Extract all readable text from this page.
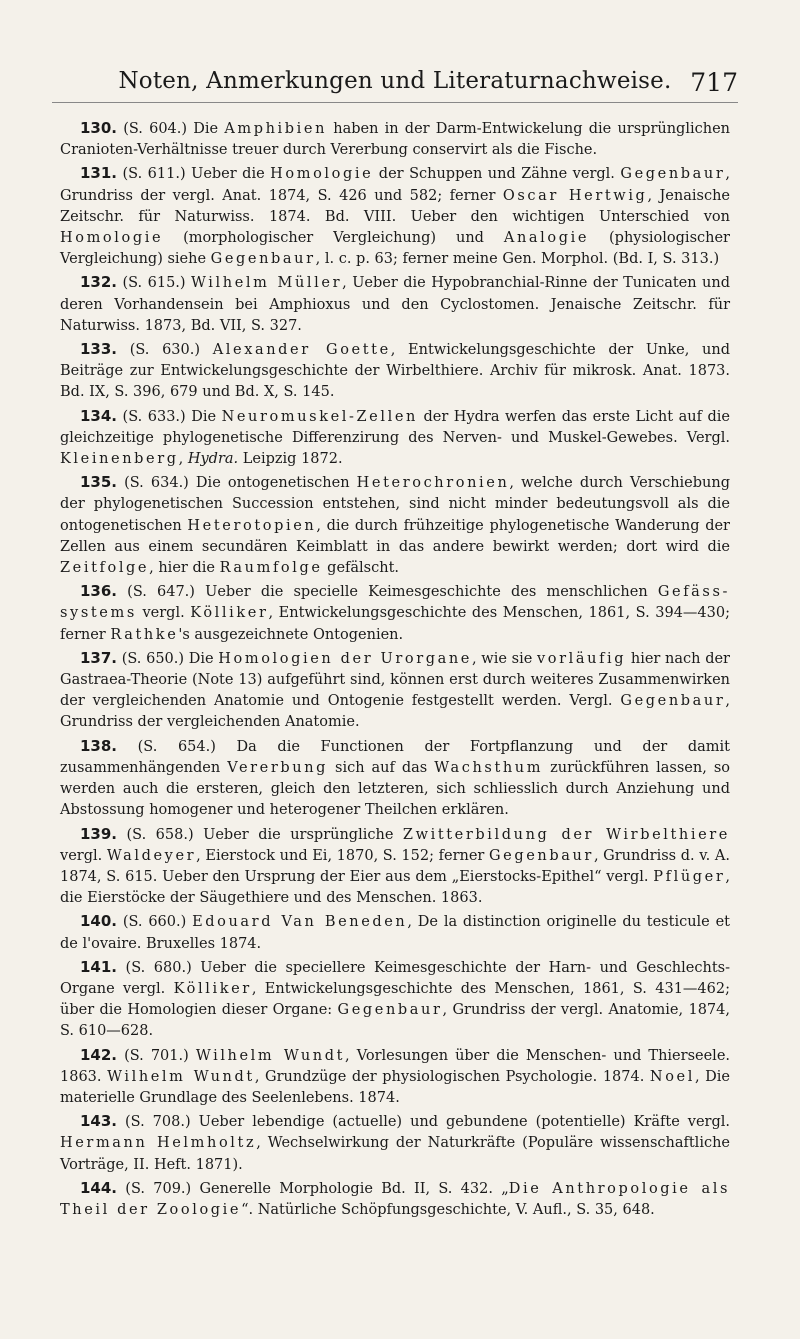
Noten, Anmerkungen und Literaturnachweise. 717

130. (S. 604.) Die Amphibien haben in der Darm-Entwickelung die ursprünglichen Cranioten-Verhältnisse treuer durch Vererbung conservirt als die Fische.

131. (S. 611.) Ueber die Homologie der Schuppen und Zähne vergl. Gegenbaur, Grundriss der vergl. Anat. 1874, S. 426 und 582; ferner Oscar Hertwig, Jenaische Zeitschr. für Naturwiss. 1874. Bd. VIII. Ueber den wichtigen Unterschied von Homologie (morphologischer Vergleichung) und Analogie (physiologischer Vergleichung) siehe Gegenbaur, l. c. p. 63; ferner meine Gen. Morphol. (Bd. I, S. 313.)

132. (S. 615.) Wilhelm Müller, Ueber die Hypobranchial-Rinne der Tunicaten und deren Vorhandensein bei Amphioxus und den Cyclostomen. Jenaische Zeitschr. für Naturwiss. 1873, Bd. VII, S. 327.

133. (S. 630.) Alexander Goette, Entwickelungsgeschichte der Unke, und Beiträge zur Entwickelungsgeschichte der Wirbelthiere. Archiv für mikrosk. Anat. 1873. Bd. IX, S. 396, 679 und Bd. X, S. 145.

134. (S. 633.) Die Neuromuskel-Zellen der Hydra werfen das erste Licht auf die gleichzeitige phylogenetische Differenzirung des Nerven- und Muskel-Gewebes. Vergl. Kleinenberg, Hydra. Leipzig 1872.

135. (S. 634.) Die ontogenetischen Heterochronien, welche durch Verschiebung der phylogenetischen Succession entstehen, sind nicht minder bedeutungsvoll als die ontogenetischen Heterotopien, die durch frühzeitige phylogenetische Wanderung der Zellen aus einem secundären Keimblatt in das andere bewirkt werden; dort wird die Zeitfolge, hier die Raumfolge gefälscht.

136. (S. 647.) Ueber die specielle Keimesgeschichte des menschlichen Gefäss-systems vergl. Kölliker, Entwickelungsgeschichte des Menschen, 1861, S. 394—430; ferner Rathke's ausgezeichnete Ontogenien.

137. (S. 650.) Die Homologien der Urorgane, wie sie vorläufig hier nach der Gastraea-Theorie (Note 13) aufgeführt sind, können erst durch weiteres Zusammenwirken der vergleichenden Anatomie und Ontogenie festgestellt werden. Vergl. Gegenbaur, Grundriss der vergleichenden Anatomie.

138. (S. 654.) Da die Functionen der Fortpflanzung und der damit zusammenhängenden Vererbung sich auf das Wachsthum zurückführen lassen, so werden auch die ersteren, gleich den letzteren, sich schliesslich durch Anziehung und Abstossung homogener und heterogener Theilchen erklären.

139. (S. 658.) Ueber die ursprüngliche Zwitterbildung der Wirbelthiere vergl. Waldeyer, Eierstock und Ei, 1870, S. 152; ferner Gegenbaur, Grundriss d. v. A. 1874, S. 615. Ueber den Ursprung der Eier aus dem „Eierstocks-Epithel“ vergl. Pflüger, die Eierstöcke der Säugethiere und des Menschen. 1863.

140. (S. 660.) Edouard Van Beneden, De la distinction originelle du testicule et de l'ovaire. Bruxelles 1874.

141. (S. 680.) Ueber die speciellere Keimesgeschichte der Harn- und Geschlechts-Organe vergl. Kölliker, Entwickelungsgeschichte des Menschen, 1861, S. 431—462; über die Homologien dieser Organe: Gegenbaur, Grundriss der vergl. Anatomie, 1874, S. 610—628.

142. (S. 701.) Wilhelm Wundt, Vorlesungen über die Menschen- und Thierseele. 1863. Wilhelm Wundt, Grundzüge der physiologischen Psychologie. 1874. Noel, Die materielle Grundlage des Seelenlebens. 1874.

143. (S. 708.) Ueber lebendige (actuelle) und gebundene (potentielle) Kräfte vergl. Hermann Helmholtz, Wechselwirkung der Naturkräfte (Populäre wissenschaftliche Vorträge, II. Heft. 1871).

144. (S. 709.) Generelle Morphologie Bd. II, S. 432. „Die Anthropologie als Theil der Zoologie“. Natürliche Schöpfungsgeschichte, V. Aufl., S. 35, 648.
